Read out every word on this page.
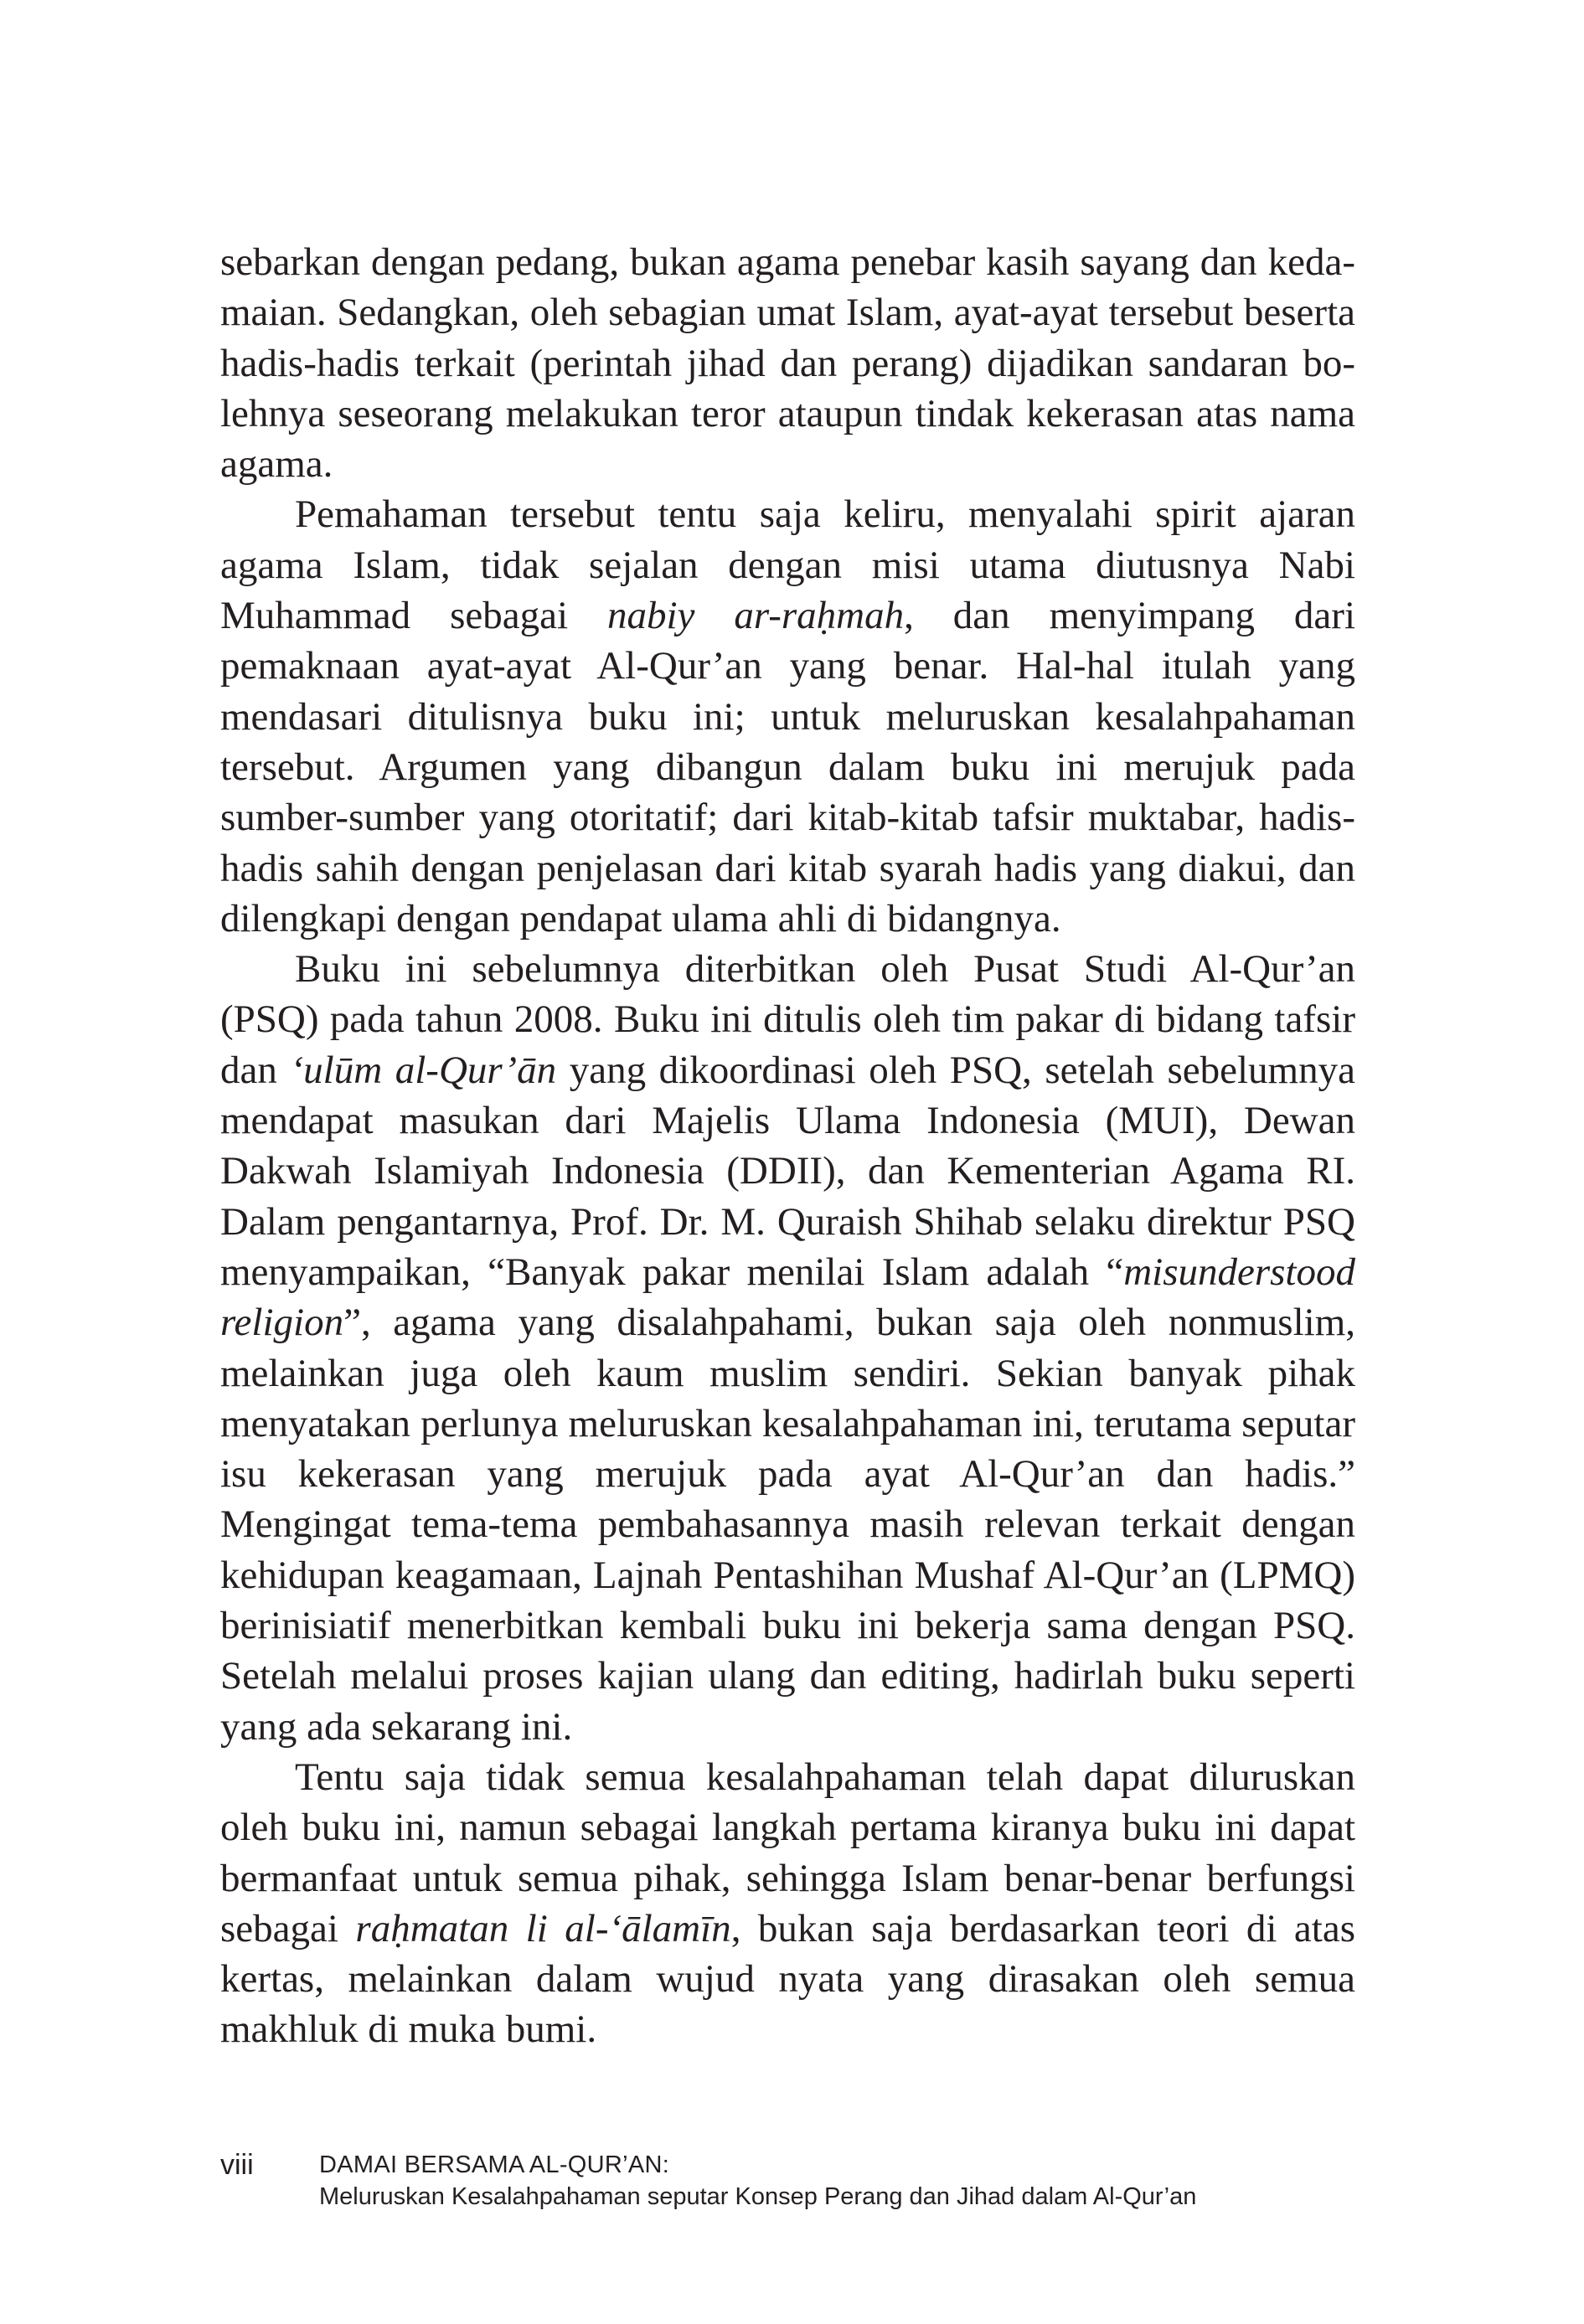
sebarkan dengan pedang, bukan agama penebar kasih sayang dan kedamaian. Sedangkan, oleh sebagian umat Islam, ayat-ayat tersebut beserta hadis-hadis terkait (perintah jihad dan perang) dijadikan sandaran bolehnya seseorang melakukan teror ataupun tindak kekerasan atas nama agama.

Pemahaman tersebut tentu saja keliru, menyalahi spirit ajaran agama Islam, tidak sejalan dengan misi utama diutusnya Nabi Muhammad sebagai nabiy ar-raḥmah, dan menyimpang dari pemaknaan ayat-ayat Al-Qur’an yang benar. Hal-hal itulah yang mendasari ditulisnya buku ini; untuk meluruskan kesalahpahaman tersebut. Argumen yang dibangun dalam buku ini merujuk pada sumber-sumber yang otoritatif; dari kitab-kitab tafsir muktabar, hadis-hadis sahih dengan penjelasan dari kitab syarah hadis yang diakui, dan dilengkapi dengan pendapat ulama ahli di bidangnya.

Buku ini sebelumnya diterbitkan oleh Pusat Studi Al-Qur’an (PSQ) pada tahun 2008. Buku ini ditulis oleh tim pakar di bidang tafsir dan ‘ulūm al-Qur’ān yang dikoordinasi oleh PSQ, setelah sebelumnya mendapat masukan dari Majelis Ulama Indonesia (MUI), Dewan Dakwah Islamiyah Indonesia (DDII), dan Kementerian Agama RI. Dalam pengantarnya, Prof. Dr. M. Quraish Shihab selaku direktur PSQ menyampaikan, “Banyak pakar menilai Islam adalah “misunderstood religion”, agama yang disalahpahami, bukan saja oleh nonmuslim, melainkan juga oleh kaum muslim sendiri. Sekian banyak pihak menyatakan perlunya meluruskan kesalahpahaman ini, terutama seputar isu kekerasan yang merujuk pada ayat Al-Qur’an dan hadis.” Mengingat tema-tema pembahasannya masih relevan terkait dengan kehidupan keagamaan, Lajnah Pentashihan Mushaf Al-Qur’an (LPMQ) berinisiatif menerbitkan kembali buku ini bekerja sama dengan PSQ. Setelah melalui proses kajian ulang dan editing, hadirlah buku seperti yang ada sekarang ini.

Tentu saja tidak semua kesalahpahaman telah dapat diluruskan oleh buku ini, namun sebagai langkah pertama kiranya buku ini dapat bermanfaat untuk semua pihak, sehingga Islam benar-benar berfungsi sebagai raḥmatan li al-‘ālamīn, bukan saja berdasarkan teori di atas kertas, melainkan dalam wujud nyata yang dirasakan oleh semua makhluk di muka bumi.

viii	DAMAI BERSAMA AL-QUR’AN:
Meluruskan Kesalahpahaman seputar Konsep Perang dan Jihad dalam Al-Qur’an
